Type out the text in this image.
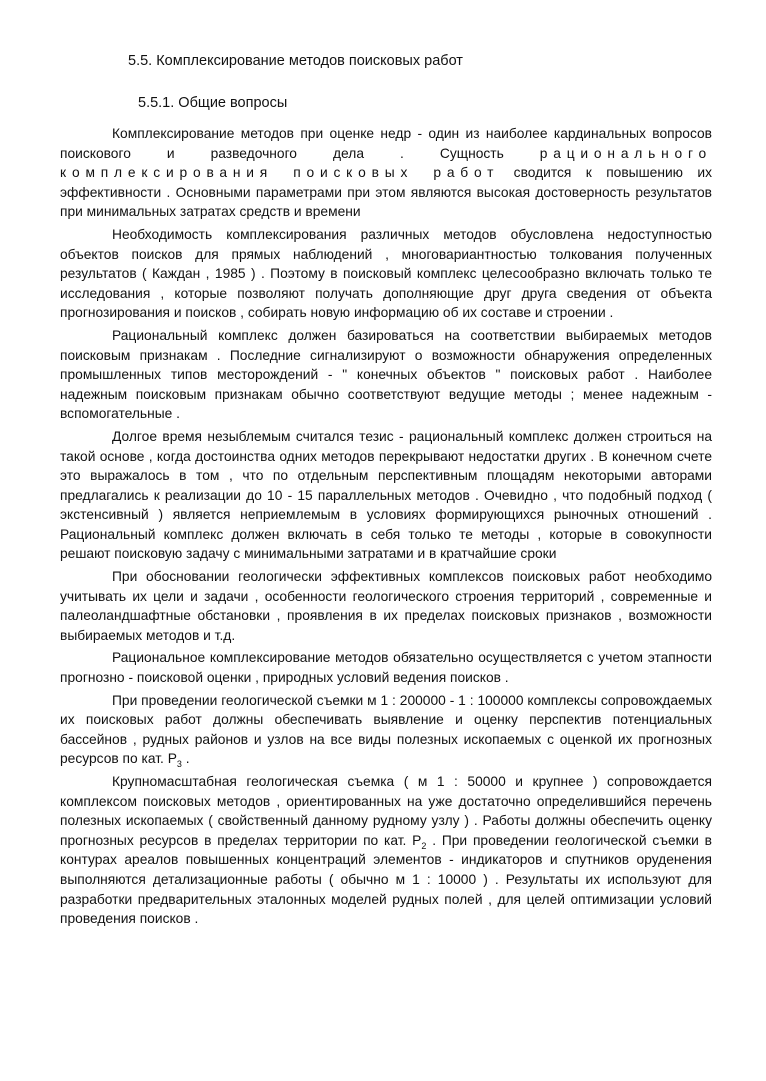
5.5. Комплексирование методов поисковых работ
5.5.1. Общие вопросы

Комплексирование методов при оценке недр - один из наиболее кардинальных вопросов поискового и разведочного дела . Сущность рационального комплексирования поисковых работ сводится к повышению их эффективности . Основными параметрами при этом являются высокая достоверность результатов при минимальных затратах средств и времени

Необходимость комплексирования различных методов обусловлена недоступностью объектов поисков для прямых наблюдений , многовариантностью толкования полученных результатов ( Каждан , 1985 ) . Поэтому в поисковый комплекс целесообразно включать только те исследования , которые позволяют получать дополняющие друг друга сведения от объекта прогнозирования и поисков , собирать новую информацию об их составе и строении .

Рациональный комплекс должен базироваться на соответствии выбираемых методов поисковым признакам . Последние сигнализируют о возможности обнаружения определенных промышленных типов месторождений - " конечных объектов " поисковых работ . Наиболее надежным поисковым признакам обычно соответствуют ведущие методы ; менее надежным - вспомогательные .

Долгое время незыблемым считался тезис - рациональный комплекс должен строиться на такой основе , когда достоинства одних методов перекрывают недостатки других . В конечном счете это выражалось в том , что по отдельным перспективным площадям некоторыми авторами предлагались к реализации до 10 - 15 параллельных методов . Очевидно , что подобный подход ( экстенсивный ) является неприемлемым в условиях формирующихся рыночных отношений . Рациональный комплекс должен включать в себя только те методы , которые в совокупности решают поисковую задачу с минимальными затратами и в кратчайшие сроки

При обосновании геологически эффективных комплексов поисковых работ необходимо учитывать их цели и задачи , особенности геологического строения территорий , современные и палеоландшафтные обстановки , проявления в их пределах поисковых признаков , возможности выбираемых методов и т.д.

Рациональное комплексирование методов обязательно осуществляется с учетом этапности прогнозно - поисковой оценки , природных условий ведения поисков .

При проведении геологической съемки м 1 : 200000 - 1 : 100000 комплексы сопровождаемых их поисковых работ должны обеспечивать выявление и оценку перспектив потенциальных бассейнов , рудных районов и узлов на все виды полезных ископаемых с оценкой их прогнозных ресурсов по кат. $P_3$ .

Крупномасштабная геологическая съемка ( м 1 : 50000 и крупнее ) сопровождается комплексом поисковых методов , ориентированных на уже достаточно определившийся перечень полезных ископаемых ( свойственный данному рудному узлу ) . Работы должны обеспечить оценку прогнозных ресурсов в пределах территории по кат. $P_2$ . При проведении геологической съемки в контурах ареалов повышенных концентраций элементов - индикаторов и спутников оруденения выполняются детализационные работы ( обычно м 1 : 10000 ) . Результаты их используют для разработки предварительных эталонных моделей рудных полей , для целей оптимизации условий проведения поисков .
